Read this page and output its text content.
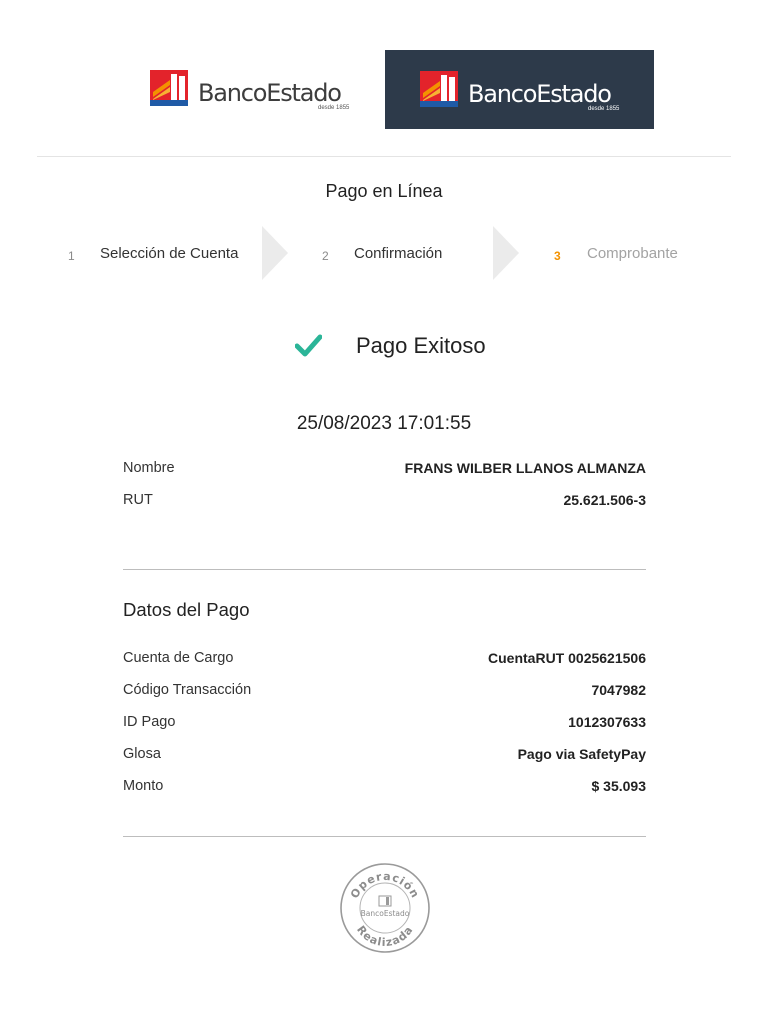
BancoEstado
desde 1855	BancoEstado
desde 1855
Pago en Línea
1 Selección de Cuenta	2 Confirmación	3 Comprobante
Pago Exitoso
25/08/2023 17:01:55
Nombre	FRANS WILBER LLANOS ALMANZA
RUT	25.621.506-3
Datos del Pago
Cuenta de Cargo	CuentaRUT 0025621506
Código Transacción	7047982
ID Pago	1012307633
Glosa	Pago via SafetyPay
Monto	$ 35.093
Operación
Realizada
BancoEstado
